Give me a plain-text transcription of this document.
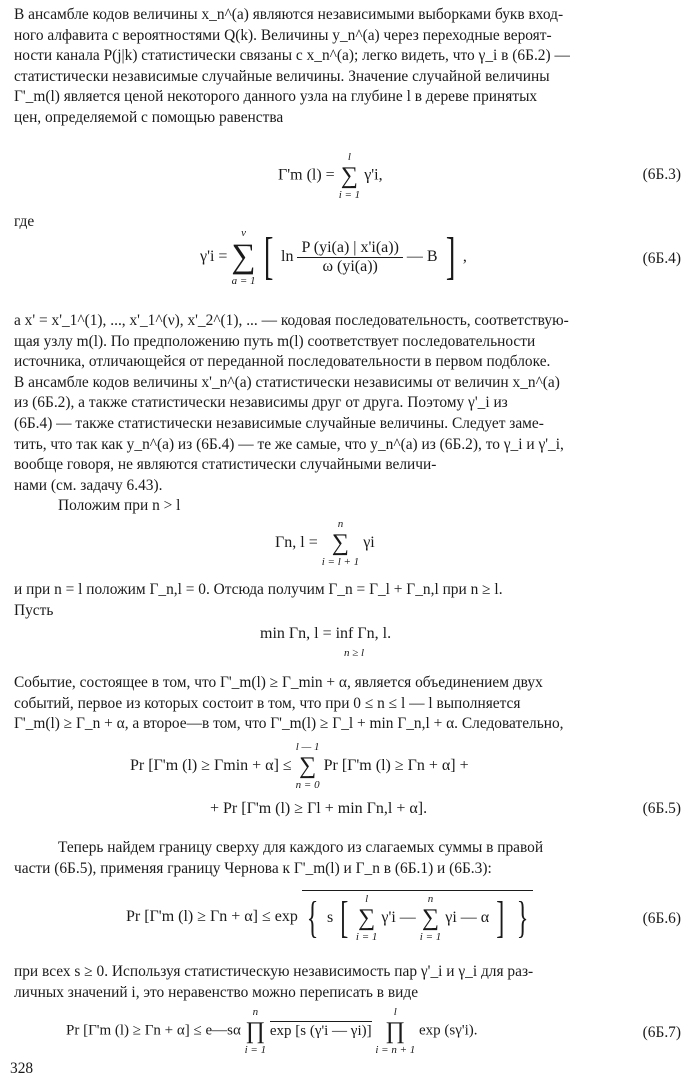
В ансамбле кодов величины x_n^(a) являются независимыми выборками букв вход-
ного алфавита с вероятностями Q(k). Величины y_n^(a) через переходные вероят-
ности канала P(j|k) статистически связаны с x_n^(a); легко видеть, что γ_i в (6Б.2) —
статистически независимые случайные величины. Значение случайной величины
Γ'_m(l) является ценой некоторого данного узла на глубине l в дереве принятых
цен, определяемой с помощью равенства
Γ'm (l) =
l
∑
i = 1
γ'i,	(6Б.3)
где
γ'i =
ν
∑
a = 1 [ $\ln \frac{P (yi(a) | x'i(a))}{\omega (yi(a))}$ — B ] ,	(6Б.4)
а x' = x'_1^(1), ..., x'_1^(ν), x'_2^(1), ... — кодовая последовательность, соответствую-
щая узлу m(l). По предположению путь m(l) соответствует последовательности
источника, отличающейся от переданной последовательности в первом подблоке.
В ансамбле кодов величины x'_n^(a) статистически независимы от величин x_n^(a)
из (6Б.2), а также статистически независимы друг от друга. Поэтому γ'_i из
(6Б.4) — также статистически независимые случайные величины. Следует заме-
тить, что так как y_n^(a) из (6Б.4) — те же самые, что y_n^(a) из (6Б.2), то γ_i и γ'_i,
вообще говоря, не являются статистически случайными величи-
нами (см. задачу 6.43).
Положим при n > l
Γn, l =
n
∑
i = l + 1
γi
и при n = l положим Γ_n,l = 0. Отсюда получим Γ_n = Γ_l + Γ_n,l при n ≥ l.
Пусть
min Γn, l = inf Γn, l.
n ≥ l
Событие, состоящее в том, что Γ'_m(l) ≥ Γ_min + α, является объединением двух
событий, первое из которых состоит в том, что при 0 ≤ n ≤ l — l выполняется
Γ'_m(l) ≥ Γ_n + α, а второе—в том, что Γ'_m(l) ≥ Γ_l + min Γ_n,l + α. Следовательно,
Pr [Γ'm (l) ≥ Γmin + α] ≤
l — 1
∑
n = 0
Pr [Γ'm (l) ≥ Γn + α] +
+ Pr [Γ'm (l) ≥ Γl + min Γn,l + α].	(6Б.5)
Теперь найдем границу сверху для каждого из слагаемых суммы в правой
части (6Б.5), применяя границу Чернова к Γ'_m(l) и Γ_n в (6Б.1) и (6Б.3):
Pr [Γ'm (l) ≥ Γn + α] ≤ exp { s [	l
∑
i = 1
γ'i —
n
∑
i = 1
γi — α ] }	(6Б.6)
при всех s ≥ 0. Используя статистическую независимость пар γ'_i и γ_i для раз-
личных значений i, это неравенство можно переписать в виде
Pr [Γ'm (l) ≥ Γn + α] ≤ e—sα
n
∏
i = 1
exp [s (γ'i — γi)]
l
∏
i = n + 1
exp (sγ'i).	(6Б.7)
328
